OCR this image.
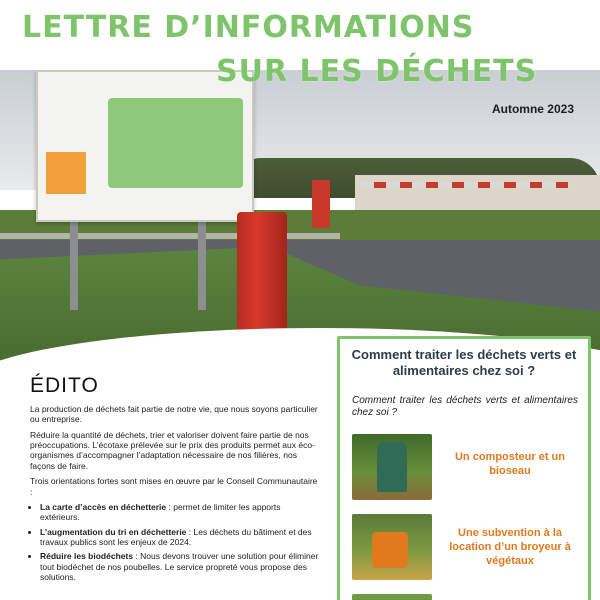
LETTRE D’INFORMATIONS
SUR LES DÉCHETS
Automne 2023
ÉDITO

La production de déchets fait partie de notre vie, que nous soyons particulier ou entreprise.

Réduire la quantité de déchets, trier et valoriser doivent faire partie de nos préoccupations. L’écotaxe prélevée sur le prix des produits permet aux éco-organismes d’accompagner l’adaptation nécessaire de nos filières, nos façons de faire.

Trois orientations fortes sont mises en œuvre par le Conseil Communautaire :

• La carte d’accès en déchetterie : permet de limiter les apports extérieurs.
• L’augmentation du tri en déchetterie : Les déchets du bâtiment et des travaux publics sont les enjeux de 2024.
• Réduire les biodéchets : Nous devons trouver une solution pour éliminer tout biodéchet de nos poubelles. Le service propreté vous propose des solutions.
Comment traiter les déchets verts et alimentaires chez soi ?
Comment traiter les déchets verts et alimentaires chez soi ?
Un composteur et un bioseau
Une subvention à la location d’un broyeur à végétaux
